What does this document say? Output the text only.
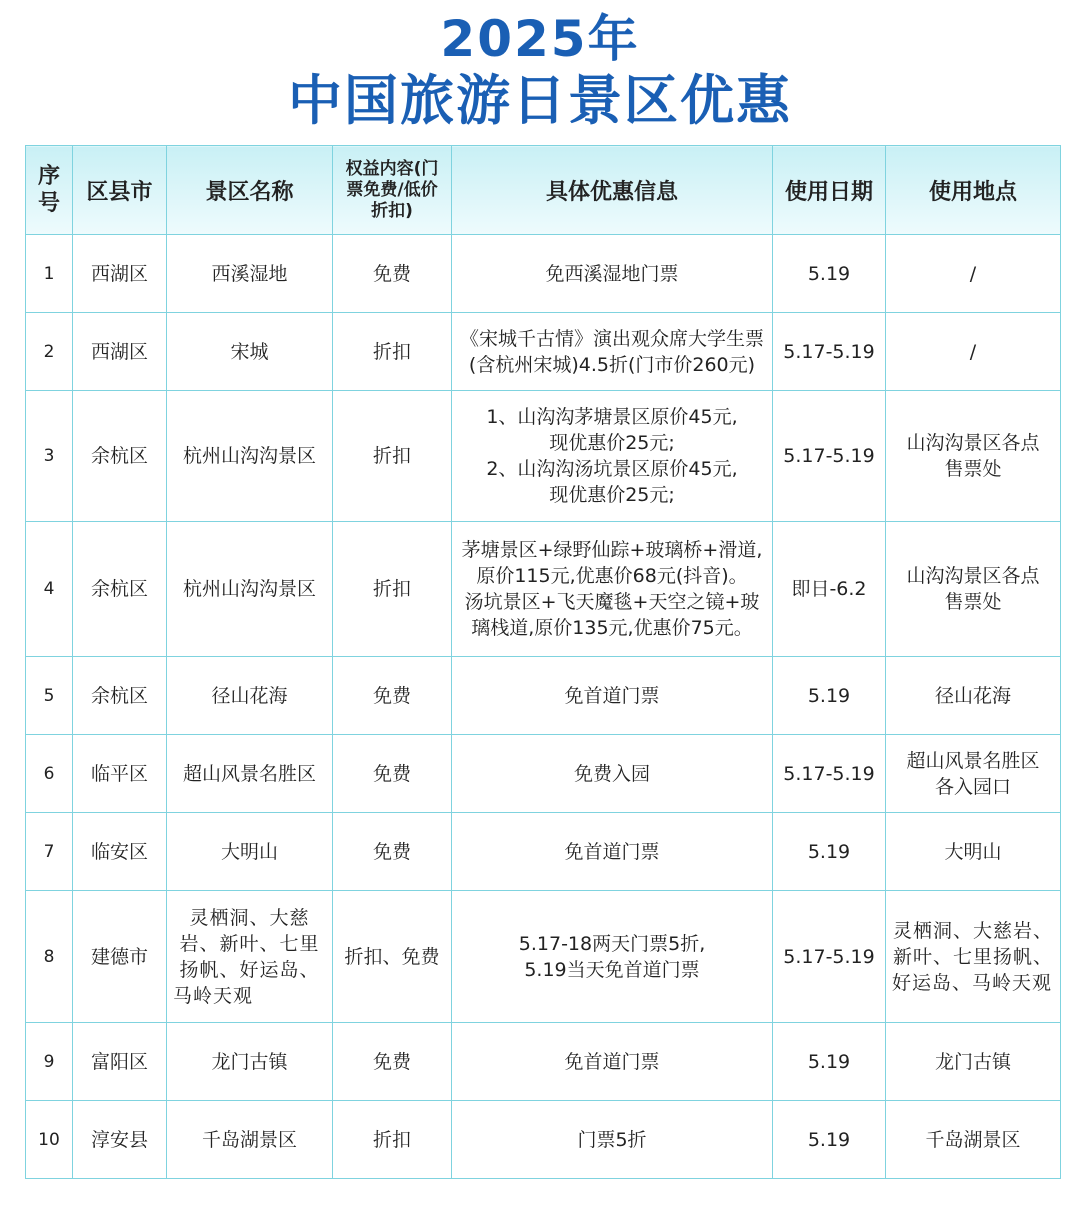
2025年
中国旅游日景区优惠
序号	区县市	景区名称	权益内容(门票免费/低价折扣)	具体优惠信息	使用日期	使用地点
1	西湖区	西溪湿地	免费	免西溪湿地门票	5.19	/

2	西湖区	宋城	折扣	《宋城千古情》演出观众席大学生票
(含杭州宋城)4.5折(门市价260元)	5.17-5.19	/

3	余杭区	杭州山沟沟景区	折扣	1、山沟沟茅塘景区原价45元,
现优惠价25元;
2、山沟沟汤坑景区原价45元,
现优惠价25元;	5.17-5.19	山沟沟景区各点
售票处

4	余杭区	杭州山沟沟景区	折扣	茅塘景区+绿野仙踪+玻璃桥+滑道,
原价115元,优惠价68元(抖音)。
汤坑景区+飞天魔毯+天空之镜+玻
璃栈道,原价135元,优惠价75元。	即日-6.2	山沟沟景区各点
售票处

5	余杭区	径山花海	免费	免首道门票	5.19	径山花海

6	临平区	超山风景名胜区	免费	免费入园	5.17-5.19	超山风景名胜区
各入园口

7	临安区	大明山	免费	免首道门票	5.19	大明山

8	建德市	灵栖洞、大慈岩、新叶、七里扬帆、好运岛、马岭天观	折扣、免费	5.17-18两天门票5折,
5.19当天免首道门票	5.17-5.19	灵栖洞、大慈岩、新叶、七里扬帆、好运岛、马岭天观

9	富阳区	龙门古镇	免费	免首道门票	5.19	龙门古镇

10	淳安县	千岛湖景区	折扣	门票5折	5.19	千岛湖景区
